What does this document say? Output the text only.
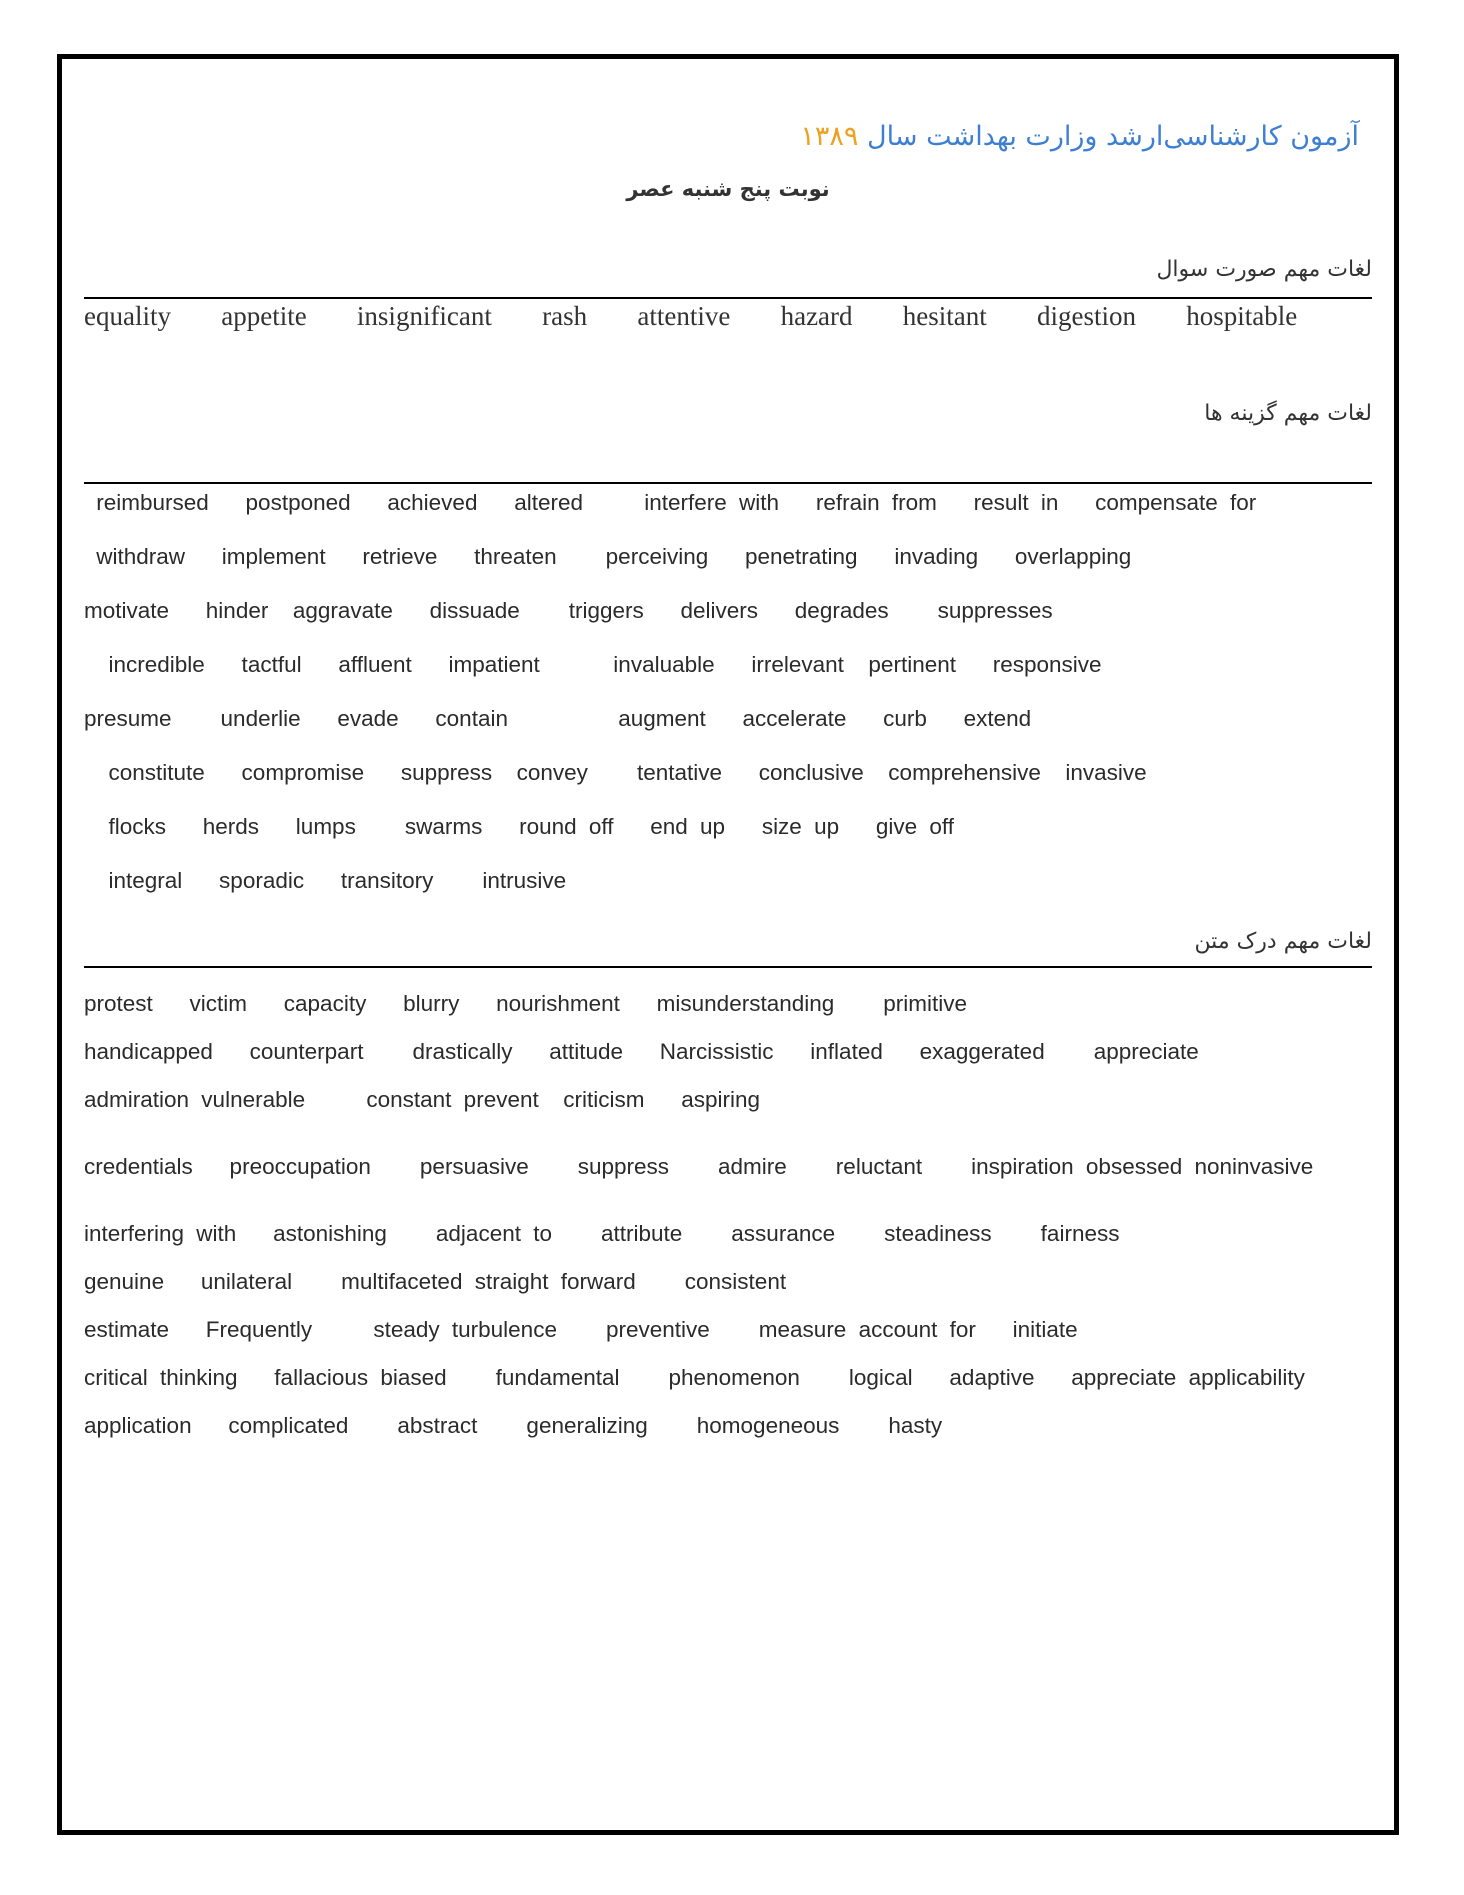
آزمون کارشناسی‌ارشد وزارت بهداشت سال ۱۳۸۹
نوبت پنج شنبه عصر
لغات مهم صورت سوال
equality   appetite   insignificant   rash   attentive   hazard   hesitant   digestion   hospitable
لغات مهم گزینه ها
reimbursed   postponed   achieved   altered     interfere with   refrain from   result in   compensate for
withdraw   implement   retrieve   threaten    perceiving   penetrating   invading   overlapping
motivate   hinder  aggravate   dissuade    triggers   delivers   degrades    suppresses
incredible   tactful   affluent   impatient      invaluable   irrelevant  pertinent   responsive
presume    underlie   evade   contain         augment   accelerate   curb   extend
constitute   compromise   suppress  convey    tentative   conclusive  comprehensive  invasive
flocks   herds   lumps    swarms   round off   end up   size up   give off
integral   sporadic   transitory    intrusive
لغات مهم درک متن
protest   victim   capacity   blurry   nourishment   misunderstanding    primitive
handicapped   counterpart    drastically   attitude   Narcissistic   inflated   exaggerated    appreciate
admiration vulnerable     constant prevent  criticism   aspiring
credentials   preoccupation    persuasive    suppress    admire    reluctant    inspiration obsessed noninvasive
interfering with   astonishing    adjacent to    attribute    assurance    steadiness    fairness
genuine   unilateral    multifaceted straight forward    consistent
estimate   Frequently     steady turbulence    preventive    measure account for   initiate
critical thinking   fallacious biased    fundamental    phenomenon    logical   adaptive   appreciate applicability
application   complicated    abstract    generalizing    homogeneous    hasty
